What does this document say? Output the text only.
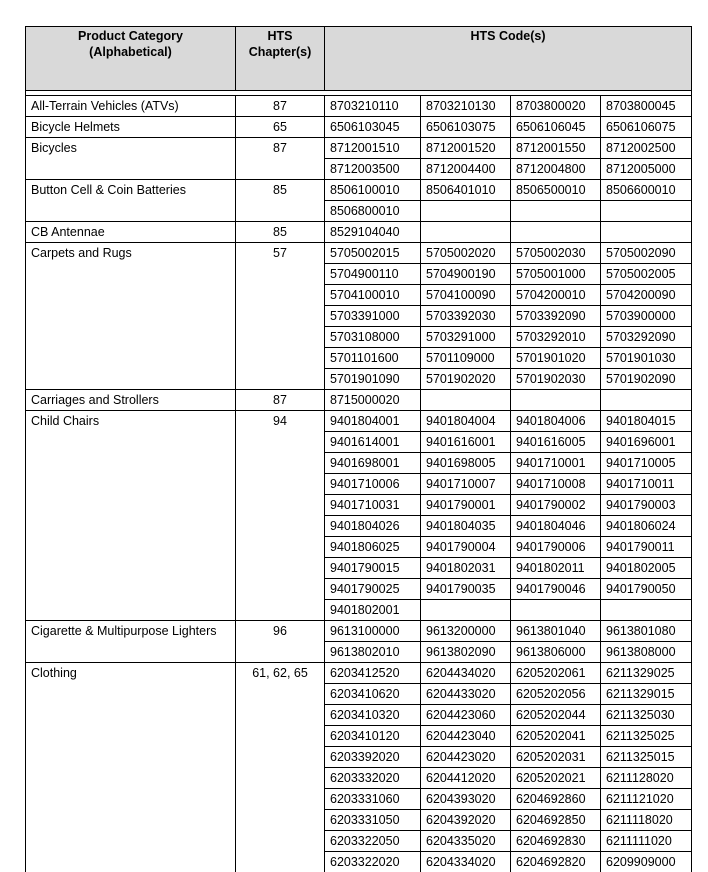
Product Category
(Alphabetical)	HTS
Chapter(s)	HTS Code(s)			

All-Terrain Vehicles (ATVs)	87	8703210110	8703210130	8703800020	8703800045
Bicycle Helmets	65	6506103045	6506103075	6506106045	6506106075
Bicycles	87	8712001510	8712001520	8712001550	8712002500
		8712003500	8712004400	8712004800	8712005000
Button Cell & Coin Batteries	85	8506100010	8506401010	8506500010	8506600010
		8506800010			
CB Antennae	85	8529104040			
Carpets and Rugs	57	5705002015	5705002020	5705002030	5705002090
		5704900110	5704900190	5705001000	5705002005
		5704100010	5704100090	5704200010	5704200090
		5703391000	5703392030	5703392090	5703900000
		5703108000	5703291000	5703292010	5703292090
		5701101600	5701109000	5701901020	5701901030
		5701901090	5701902020	5701902030	5701902090
Carriages and Strollers	87	8715000020			
Child Chairs	94	9401804001	9401804004	9401804006	9401804015
		9401614001	9401616001	9401616005	9401696001
		9401698001	9401698005	9401710001	9401710005
		9401710006	9401710007	9401710008	9401710011
		9401710031	9401790001	9401790002	9401790003
		9401804026	9401804035	9401804046	9401806024
		9401806025	9401790004	9401790006	9401790011
		9401790015	9401802031	9401802011	9401802005
		9401790025	9401790035	9401790046	9401790050
		9401802001			
Cigarette & Multipurpose Lighters	96	9613100000	9613200000	9613801040	9613801080
		9613802010	9613802090	9613806000	9613808000
Clothing	61, 62, 65	6203412520	6204434020	6205202061	6211329025
		6203410620	6204433020	6205202056	6211329015
		6203410320	6204423060	6205202044	6211325030
		6203410120	6204423040	6205202041	6211325025
		6203392020	6204423020	6205202031	6211325015
		6203332020	6204412020	6205202021	6211128020
		6203331060	6204393020	6204692860	6211121020
		6203331050	6204392020	6204692850	6211118020
		6203322050	6204335020	6204692830	6211111020
		6203322020	6204334020	6204692820	6209909000
